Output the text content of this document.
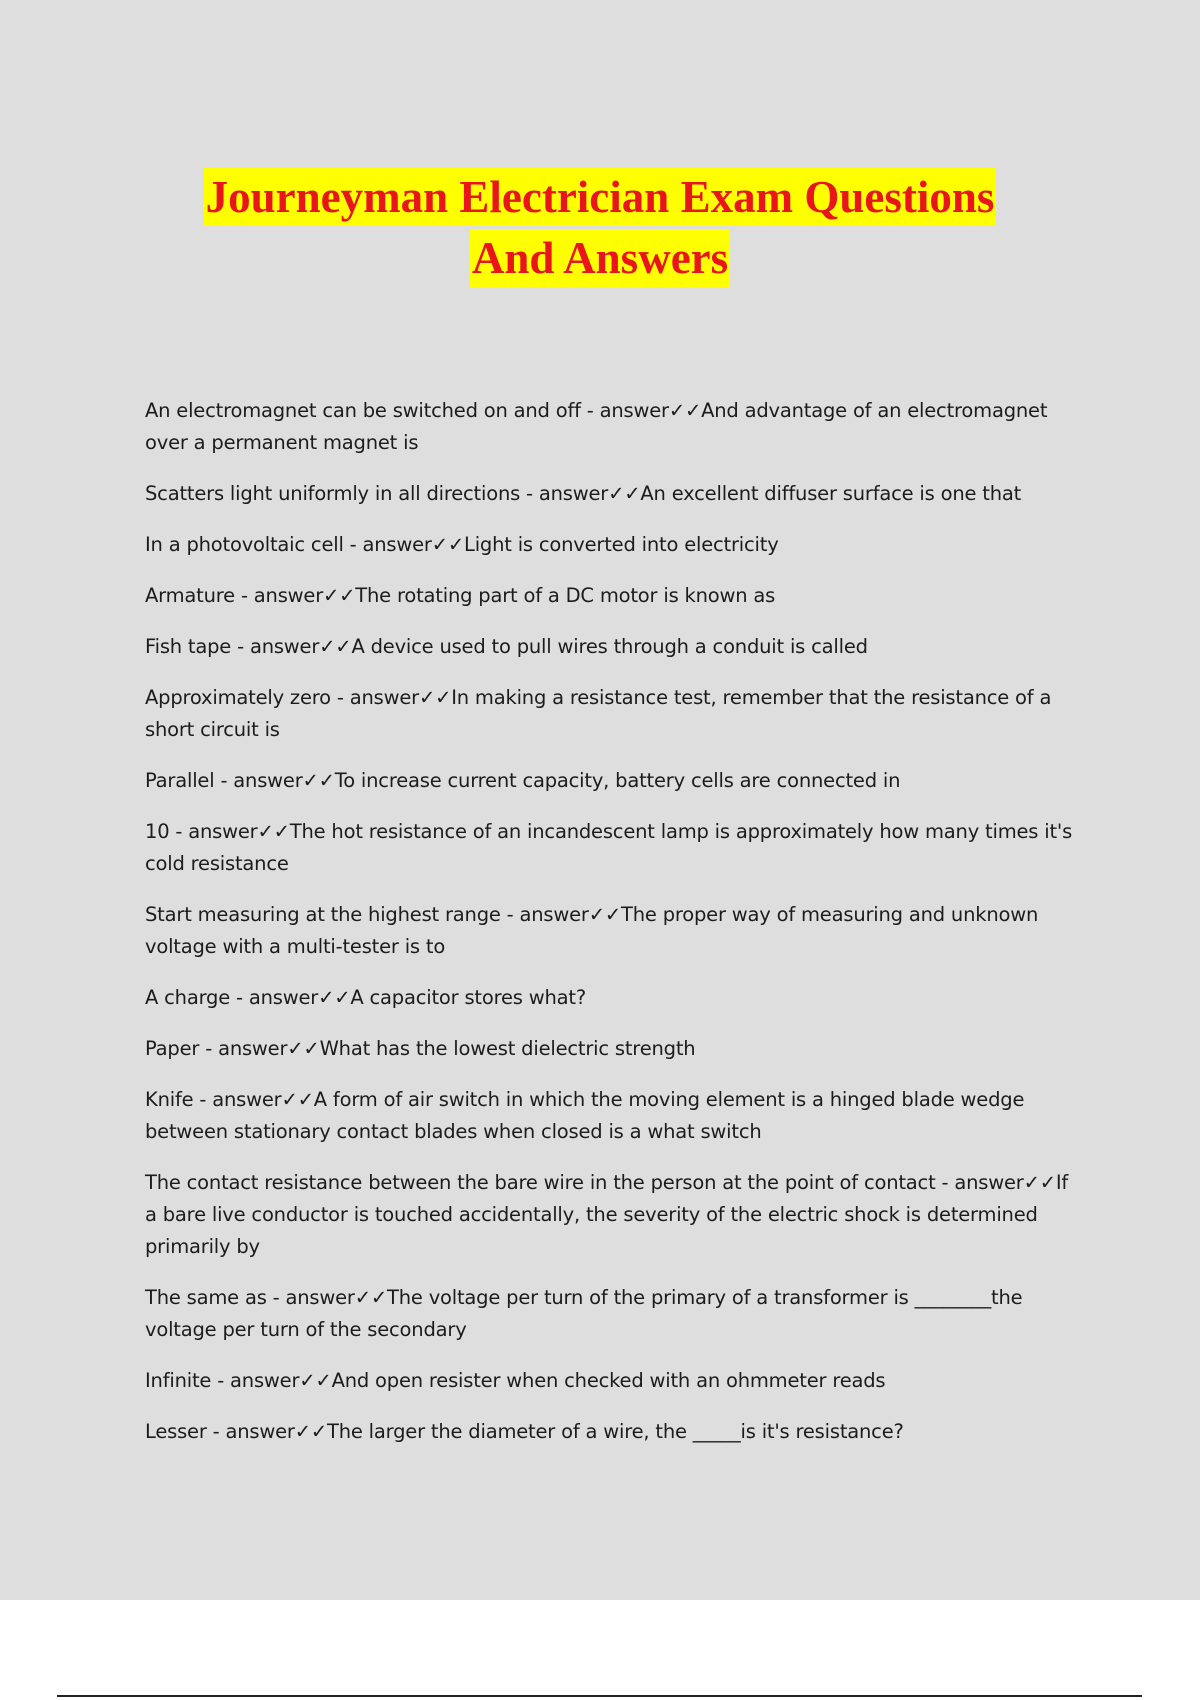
Journeyman Electrician Exam Questions
And Answers
An electromagnet can be switched on and off - answer✓✓And advantage of an electromagnet over a permanent magnet is
Scatters light uniformly in all directions - answer✓✓An excellent diffuser surface is one that
In a photovoltaic cell - answer✓✓Light is converted into electricity
Armature - answer✓✓The rotating part of a DC motor is known as
Fish tape - answer✓✓A device used to pull wires through a conduit is called
Approximately zero - answer✓✓In making a resistance test, remember that the resistance of a short circuit is
Parallel - answer✓✓To increase current capacity, battery cells are connected in
10 - answer✓✓The hot resistance of an incandescent lamp is approximately how many times it's cold resistance
Start measuring at the highest range - answer✓✓The proper way of measuring and unknown voltage with a multi-tester is to
A charge - answer✓✓A capacitor stores what?
Paper - answer✓✓What has the lowest dielectric strength
Knife - answer✓✓A form of air switch in which the moving element is a hinged blade wedge between stationary contact blades when closed is a what switch
The contact resistance between the bare wire in the person at the point of contact - answer✓✓If a bare live conductor is touched accidentally, the severity of the electric shock is determined primarily by
The same as - answer✓✓The voltage per turn of the primary of a transformer is ________the voltage per turn of the secondary
Infinite - answer✓✓And open resister when checked with an ohmmeter reads
Lesser - answer✓✓The larger the diameter of a wire, the _____is it's resistance?
